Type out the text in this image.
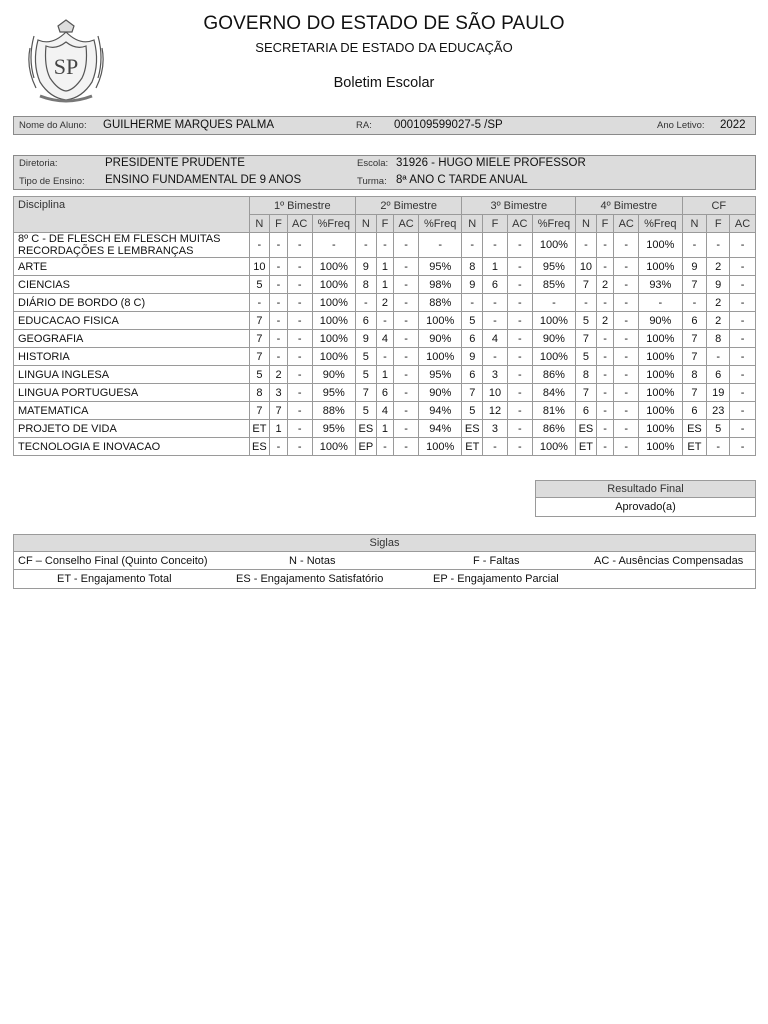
SP
GOVERNO DO ESTADO DE SÃO PAULO
SECRETARIA DE ESTADO DA EDUCAÇÃO
Boletim Escolar
Nome do Aluno: GUILHERME MARQUES PALMA	RA: 000109599027-5 /SP	Ano Letivo: 2022
Diretoria:	PRESIDENTE PRUDENTE	Escola: 31926 - HUGO MIELE PROFESSOR
Tipo de Ensino: ENSINO FUNDAMENTAL DE 9 ANOS	Turma: 8ª ANO C TARDE ANUAL
Disciplina	1º Bimestre				2º Bimestre				3º Bimestre				4º Bimestre				CF		
	N	F	AC	%Freq	N	F	AC	%Freq	N	F	AC	%Freq	N	F	AC	%Freq	N	F	AC
8º C - DE FLESCH EM FLESCH MUITAS RECORDAÇÕES E LEMBRANÇAS	-	-	-	-	-	-	-	-	-	-	-	100%	-	-	-	100%	-	-	-
ARTE	10	-	-	100%	9	1	-	95%	8	1	-	95%	10	-	-	100%	9	2	-
CIENCIAS	5	-	-	100%	8	1	-	98%	9	6	-	85%	7	2	-	93%	7	9	-
DIÁRIO DE BORDO (8 C)	-	-	-	100%	-	2	-	88%	-	-	-	-	-	-	-	-	-	2	-
EDUCACAO FISICA	7	-	-	100%	6	-	-	100%	5	-	-	100%	5	2	-	90%	6	2	-
GEOGRAFIA	7	-	-	100%	9	4	-	90%	6	4	-	90%	7	-	-	100%	7	8	-
HISTORIA	7	-	-	100%	5	-	-	100%	9	-	-	100%	5	-	-	100%	7	-	-
LINGUA INGLESA	5	2	-	90%	5	1	-	95%	6	3	-	86%	8	-	-	100%	8	6	-
LINGUA PORTUGUESA	8	3	-	95%	7	6	-	90%	7	10	-	84%	7	-	-	100%	7	19	-
MATEMATICA	7	7	-	88%	5	4	-	94%	5	12	-	81%	6	-	-	100%	6	23	-
PROJETO DE VIDA	ET	1	-	95%	ES	1	-	94%	ES	3	-	86%	ES	-	-	100%	ES	5	-
TECNOLOGIA E INOVACAO	ES	-	-	100%	EP	-	-	100%	ET	-	-	100%	ET	-	-	100%	ET	-	-
Resultado Final
Aprovado(a)
Siglas
CF – Conselho Final (Quinto Conceito)	N - Notas	F - Faltas	AC - Ausências Compensadas
ET - Engajamento Total	ES - Engajamento Satisfatório	EP - Engajamento Parcial
